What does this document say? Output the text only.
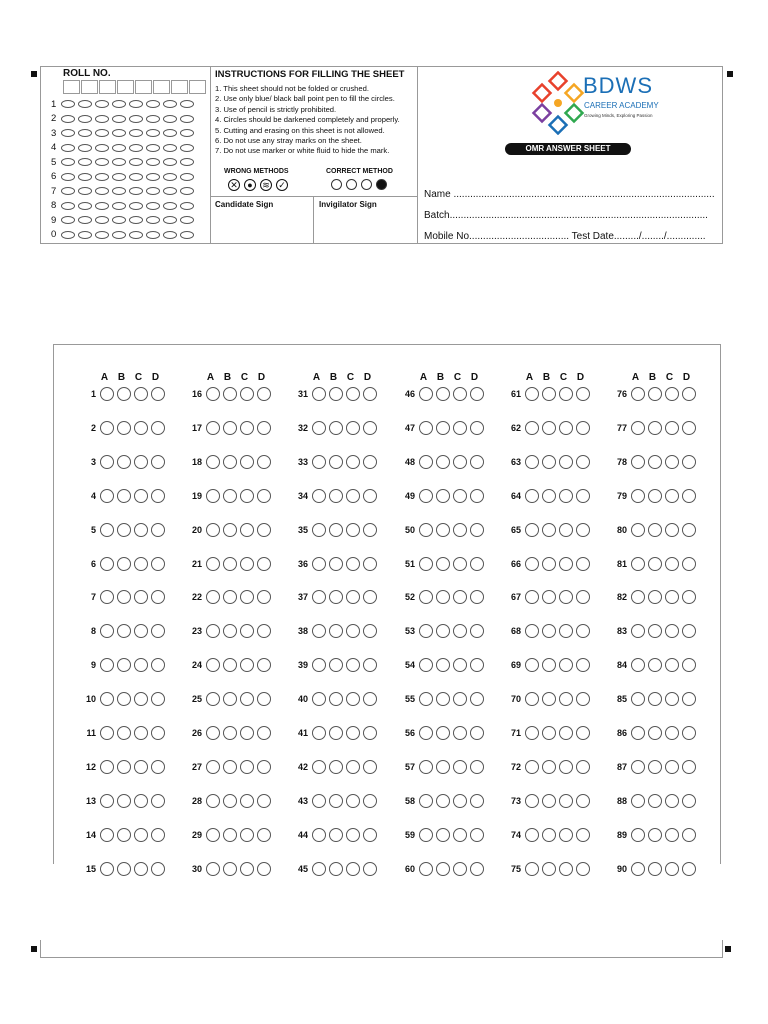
ROLL NO.
1
2
3
4
5
6
7
8
9
0
INSTRUCTIONS FOR FILLING THE SHEET
1. This sheet should not be folded or crushed.
2. Use only blue/ black ball point pen to fill the circles.
3. Use of pencil is strictly prohibited.
4. Circles should be darkened completely and properly.
5. Cutting and erasing on this sheet is not allowed.
6. Do not use any stray marks on the sheet.
7. Do not use marker or white fluid to hide the mark.
WRONG METHODS	CORRECT METHOD
✕	●	≋ ✓
Candidate Sign	Invigilator Sign
BDWS
CAREER ACADEMY
Growing Minds, Exploring Passion
OMR ANSWER SHEET
Name ..............................................................................................
Batch.............................................................................................
Mobile No.................................... Test Date........./......../..............
A B C D
1
2
3
4
5
6
7
8
9
10
11
12
13
14
15
A B C D
16
17
18
19
20
21
22
23
24
25
26
27
28
29
30
A B C D
31
32
33
34
35
36
37
38
39
40
41
42
43
44
45
A B C D
46
47
48
49
50
51
52
53
54
55
56
57
58
59
60
A B C D
61
62
63
64
65
66
67
68
69
70
71
72
73
74
75
A B C D
76
77
78
79
80
81
82
83
84
85
86
87
88
89
90
